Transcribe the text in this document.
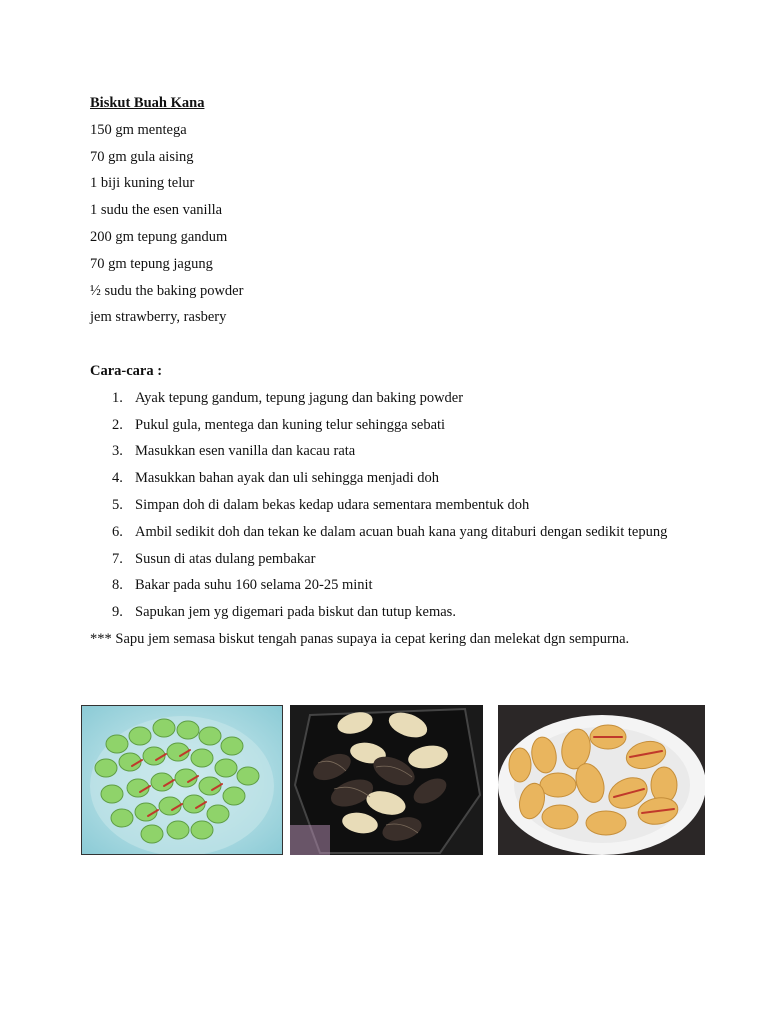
Biskut Buah Kana
150 gm mentega
70 gm gula aising
1 biji kuning telur
1 sudu the esen vanilla
200 gm tepung gandum
70 gm tepung jagung
½ sudu the baking powder
jem strawberry, rasbery
Cara-cara :
1. Ayak tepung gandum, tepung jagung dan baking powder
2. Pukul gula, mentega dan kuning telur sehingga sebati
3. Masukkan esen vanilla dan kacau rata
4. Masukkan bahan ayak dan uli sehingga menjadi doh
5. Simpan doh di dalam bekas kedap udara sementara membentuk doh
6. Ambil sedikit doh dan tekan ke dalam acuan buah kana yang ditaburi dengan sedikit tepung
7. Susun di atas dulang pembakar
8. Bakar pada suhu 160 selama 20-25 minit
9. Sapukan jem yg digemari pada biskut dan tutup kemas.
*** Sapu jem semasa biskut tengah panas supaya ia cepat kering dan melekat dgn sempurna.
